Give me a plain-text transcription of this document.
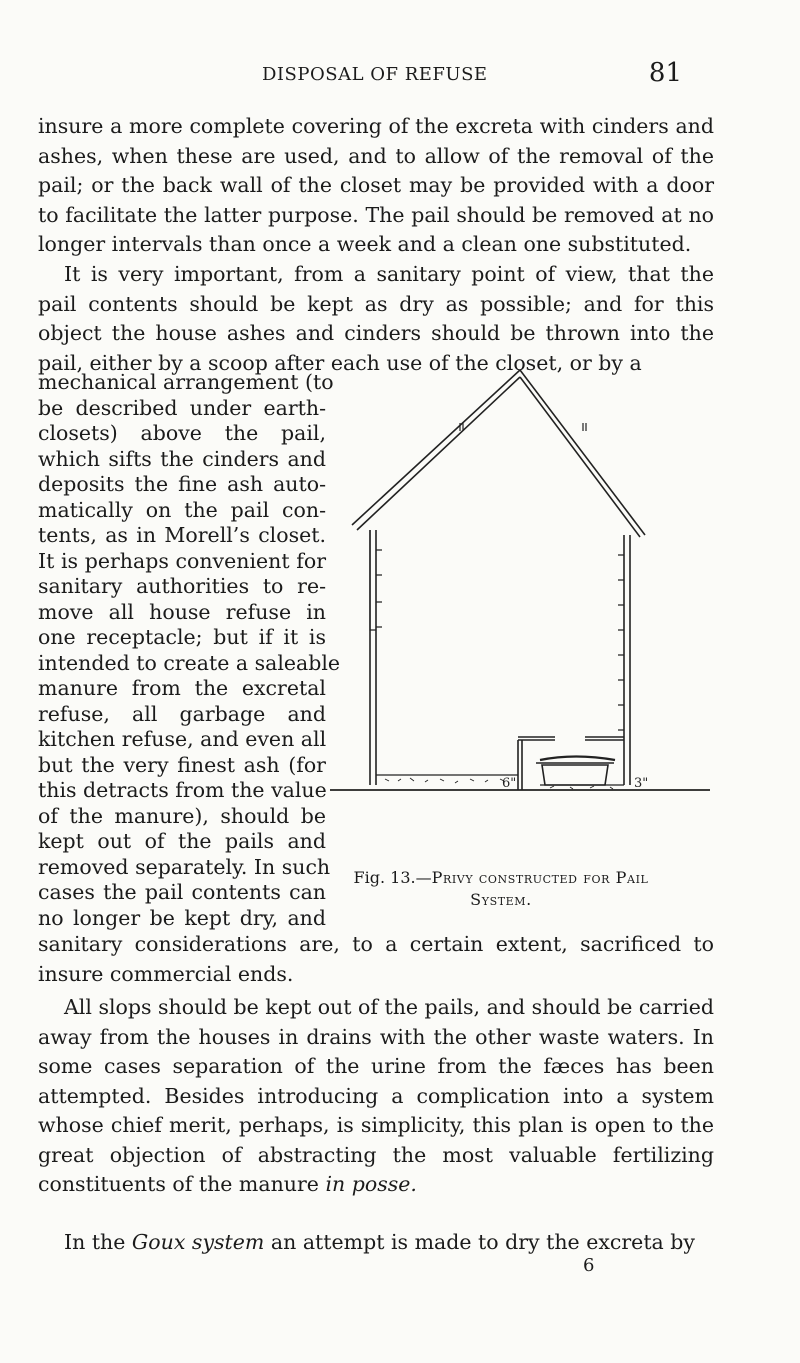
DISPOSAL OF REFUSE	81

insure a more complete covering of the excreta with cinders and ashes, when these are used, and to allow of the removal of the pail; or the back wall of the closet may be provided with a door to facilitate the latter purpose. The pail should be removed at no longer intervals than once a week and a clean one substituted.

It is very important, from a sanitary point of view, that the pail contents should be kept as dry as possible; and for this object the house ashes and cinders should be thrown into the pail, either by a scoop after each use of the closet, or by a

mechanical arrangement (to
be described under earth-
closets) above the pail,
which sifts the cinders and
deposits the fine ash auto-
matically on the pail con-
tents, as in Morell’s closet.
It is perhaps convenient for
sanitary authorities to re-
move all house refuse in
one receptacle; but if it is
intended to create a saleable
manure from the excretal
refuse, all garbage and
kitchen refuse, and even all
but the very finest ash (for
this detracts from the value
of the manure), should be
kept out of the pails and
removed separately. In such
cases the pail contents can
no longer be kept dry, and

sanitary considerations are, to a certain extent, sacrificed to insure commercial ends.

All slops should be kept out of the pails, and should be carried away from the houses in drains with the other waste waters. In some cases separation of the urine from the fæces has been attempted. Besides introducing a complication into a system whose chief merit, perhaps, is simplicity, this plan is open to the great objection of abstracting the most valuable fertilizing constituents of the manure in posse.

In the Goux system an attempt is made to dry the excreta by

6"	3"
Fig. 13.—Privy constructed for Pail System.
6
